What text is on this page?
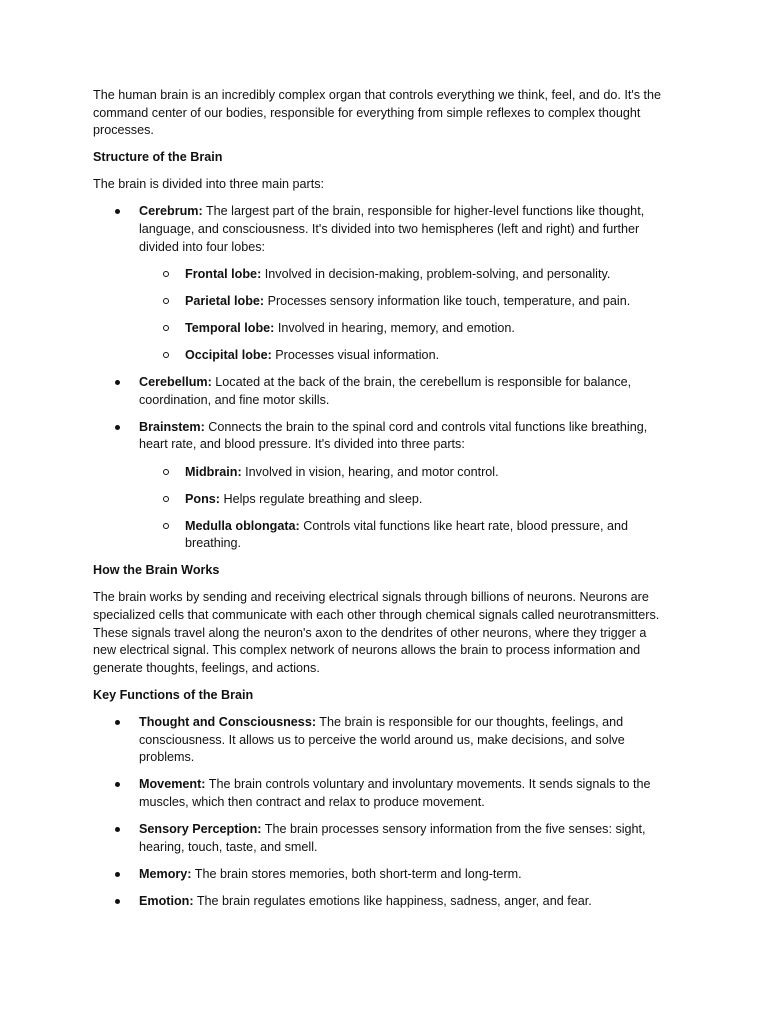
The human brain is an incredibly complex organ that controls everything we think, feel, and do. It's the command center of our bodies, responsible for everything from simple reflexes to complex thought processes.

Structure of the Brain

The brain is divided into three main parts:

Cerebrum: The largest part of the brain, responsible for higher-level functions like thought, language, and consciousness. It's divided into two hemispheres (left and right) and further divided into four lobes:
Frontal lobe: Involved in decision-making, problem-solving, and personality.
Parietal lobe: Processes sensory information like touch, temperature, and pain.
Temporal lobe: Involved in hearing, memory, and emotion.
Occipital lobe: Processes visual information.
Cerebellum: Located at the back of the brain, the cerebellum is responsible for balance, coordination, and fine motor skills.
Brainstem: Connects the brain to the spinal cord and controls vital functions like breathing, heart rate, and blood pressure. It's divided into three parts:
Midbrain: Involved in vision, hearing, and motor control.
Pons: Helps regulate breathing and sleep.
Medulla oblongata: Controls vital functions like heart rate, blood pressure, and breathing.

How the Brain Works

The brain works by sending and receiving electrical signals through billions of neurons. Neurons are specialized cells that communicate with each other through chemical signals called neurotransmitters. These signals travel along the neuron's axon to the dendrites of other neurons, where they trigger a new electrical signal. This complex network of neurons allows the brain to process information and generate thoughts, feelings, and actions.

Key Functions of the Brain

Thought and Consciousness: The brain is responsible for our thoughts, feelings, and consciousness. It allows us to perceive the world around us, make decisions, and solve problems.
Movement: The brain controls voluntary and involuntary movements. It sends signals to the muscles, which then contract and relax to produce movement.
Sensory Perception: The brain processes sensory information from the five senses: sight, hearing, touch, taste, and smell.
Memory: The brain stores memories, both short-term and long-term.
Emotion: The brain regulates emotions like happiness, sadness, anger, and fear.
